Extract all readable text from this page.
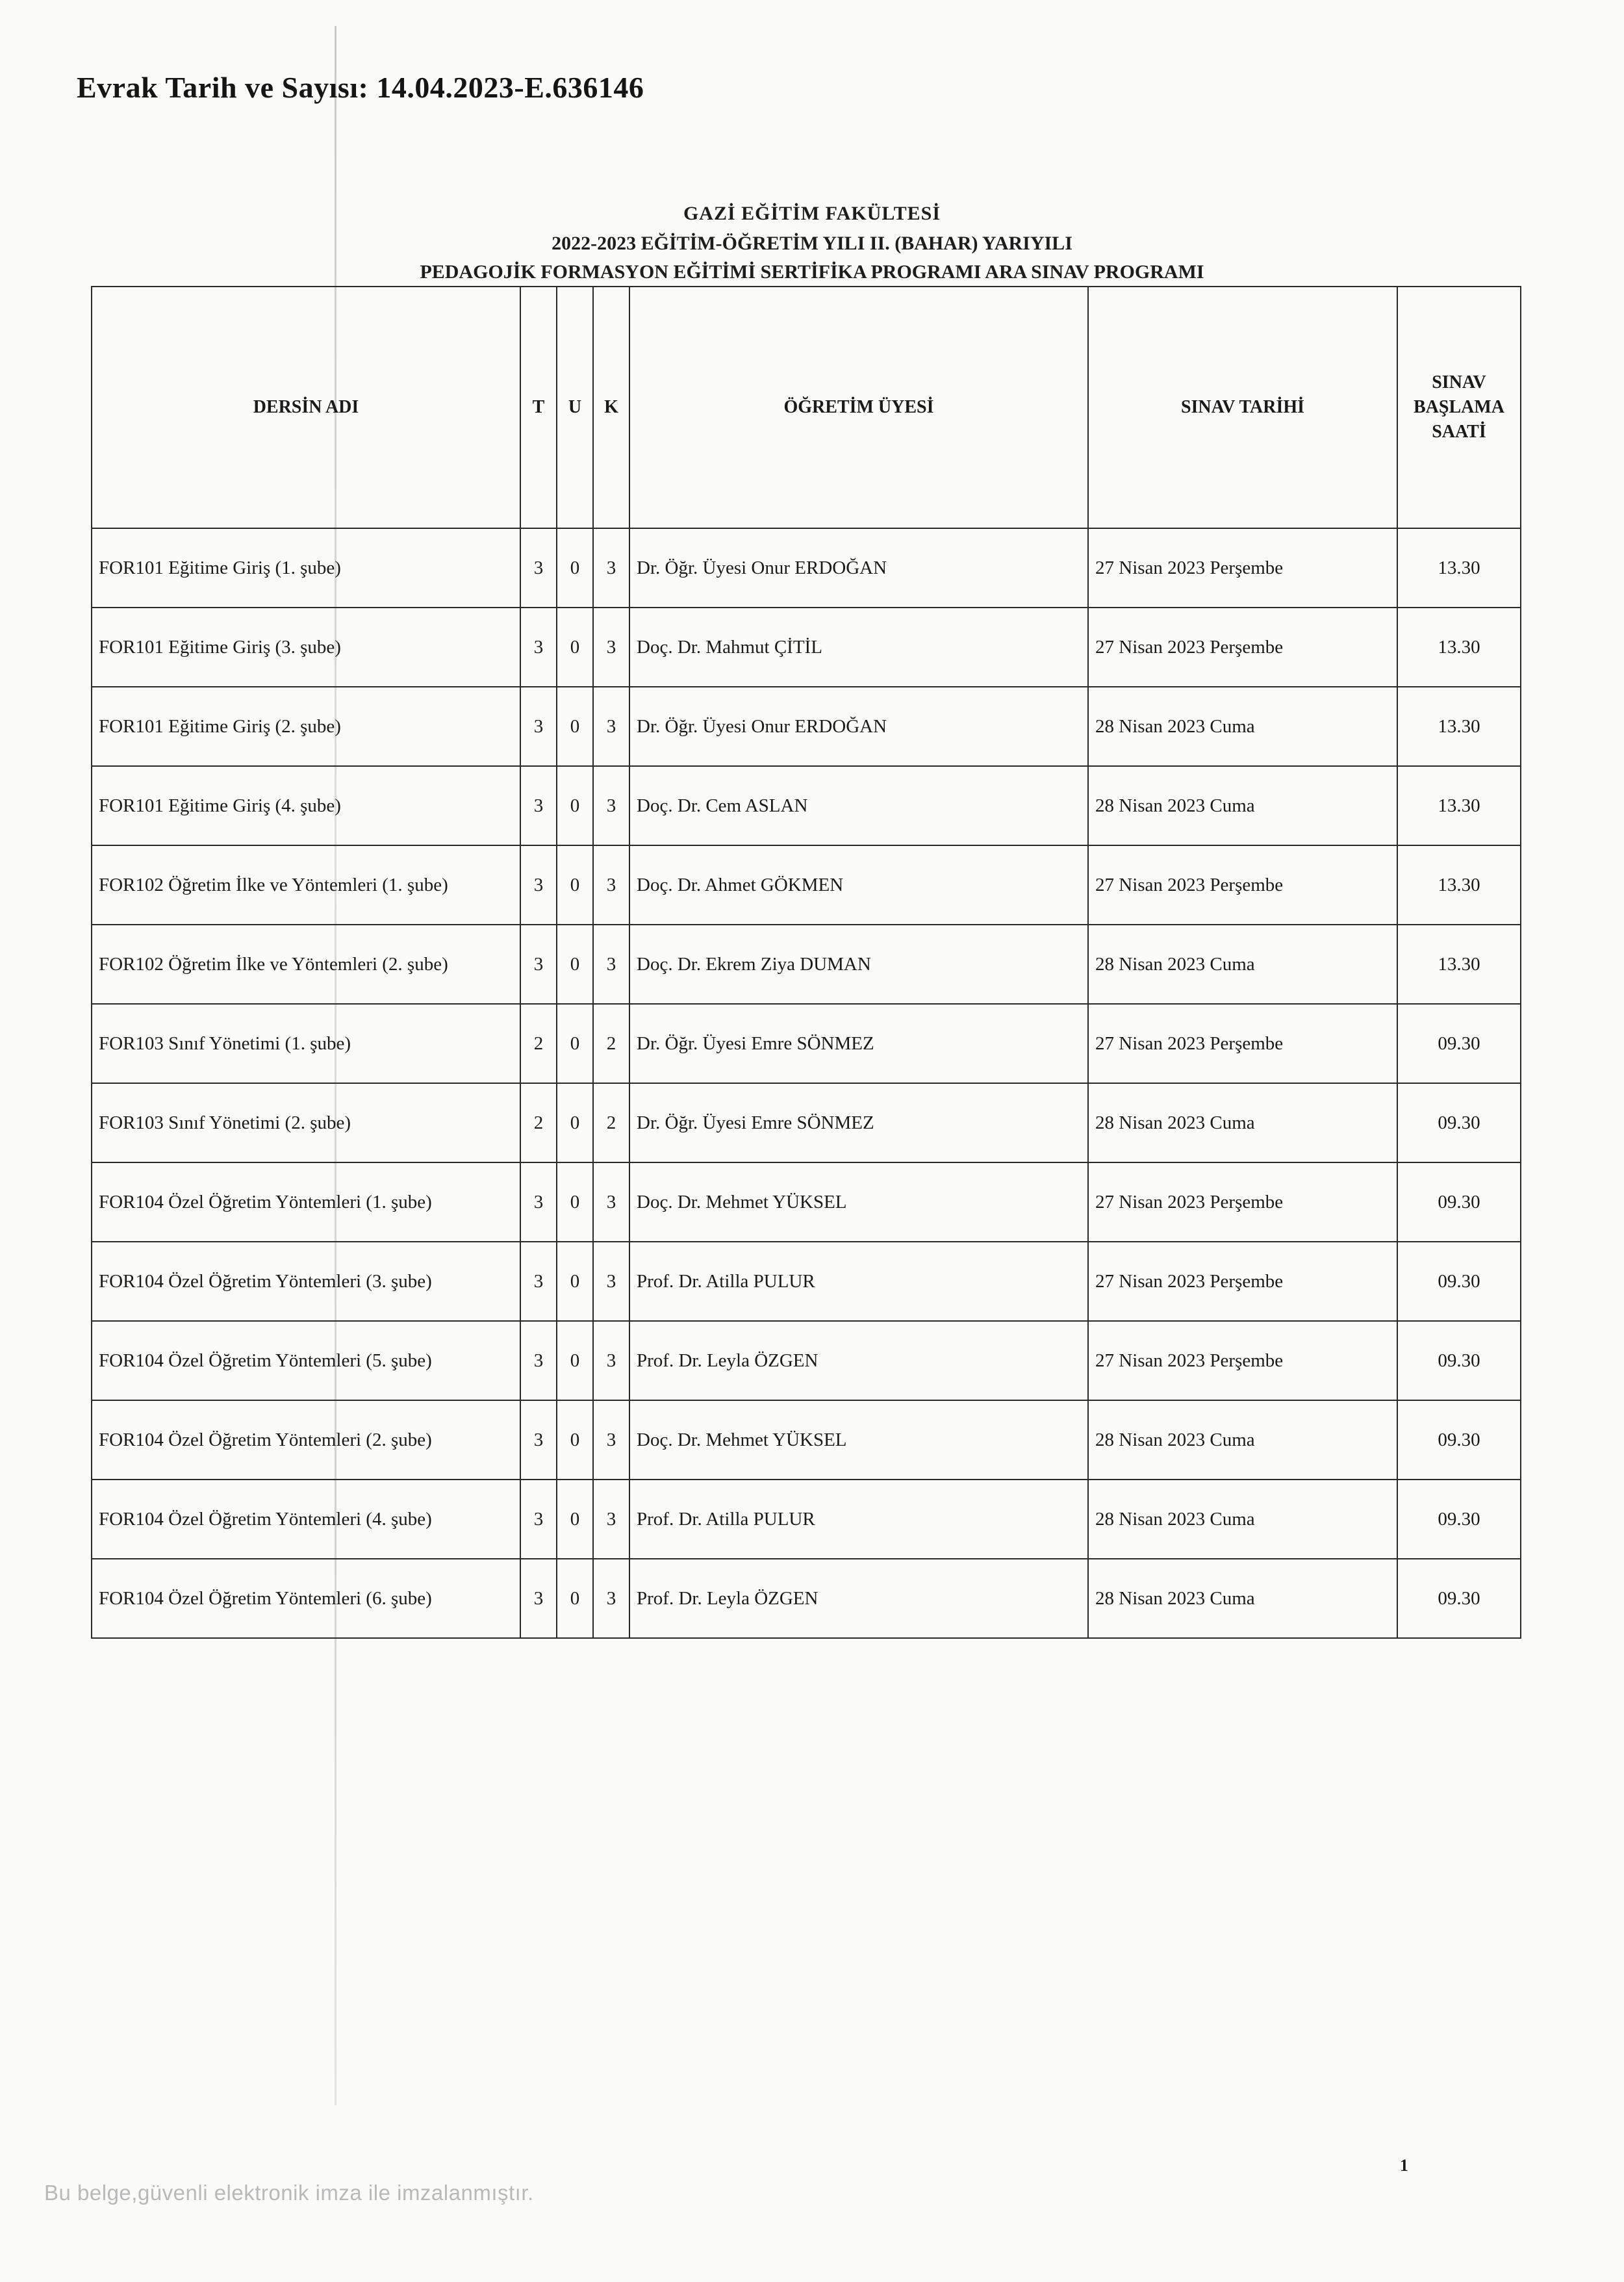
Evrak Tarih ve Sayısı: 14.04.2023-E.636146
GAZİ EĞİTİM FAKÜLTESİ
2022-2023 EĞİTİM-ÖĞRETİM YILI II. (BAHAR) YARIYILI
PEDAGOJİK FORMASYON EĞİTİMİ SERTİFİKA PROGRAMI ARA SINAV PROGRAMI
DERSİN ADI	T	U	K	ÖĞRETİM ÜYESİ	SINAV TARİHİ	SINAV
BAŞLAMA
SAATİ
FOR101 Eğitime Giriş (1. şube)	3	0	3	Dr. Öğr. Üyesi Onur ERDOĞAN	27 Nisan 2023 Perşembe	13.30
FOR101 Eğitime Giriş (3. şube)	3	0	3	Doç. Dr. Mahmut ÇİTİL	27 Nisan 2023 Perşembe	13.30
FOR101 Eğitime Giriş (2. şube)	3	0	3	Dr. Öğr. Üyesi Onur ERDOĞAN	28 Nisan 2023 Cuma	13.30
FOR101 Eğitime Giriş (4. şube)	3	0	3	Doç. Dr. Cem ASLAN	28 Nisan 2023 Cuma	13.30
FOR102 Öğretim İlke ve Yöntemleri (1. şube)	3	0	3	Doç. Dr. Ahmet GÖKMEN	27 Nisan 2023 Perşembe	13.30
FOR102 Öğretim İlke ve Yöntemleri (2. şube)	3	0	3	Doç. Dr. Ekrem Ziya DUMAN	28 Nisan 2023 Cuma	13.30
FOR103 Sınıf Yönetimi (1. şube)	2	0	2	Dr. Öğr. Üyesi Emre SÖNMEZ	27 Nisan 2023 Perşembe	09.30
FOR103 Sınıf Yönetimi (2. şube)	2	0	2	Dr. Öğr. Üyesi Emre SÖNMEZ	28 Nisan 2023 Cuma	09.30
FOR104 Özel Öğretim Yöntemleri (1. şube)	3	0	3	Doç. Dr. Mehmet YÜKSEL	27 Nisan 2023 Perşembe	09.30
FOR104 Özel Öğretim Yöntemleri (3. şube)	3	0	3	Prof. Dr. Atilla PULUR	27 Nisan 2023 Perşembe	09.30
FOR104 Özel Öğretim Yöntemleri (5. şube)	3	0	3	Prof. Dr. Leyla ÖZGEN	27 Nisan 2023 Perşembe	09.30
FOR104 Özel Öğretim Yöntemleri (2. şube)	3	0	3	Doç. Dr. Mehmet YÜKSEL	28 Nisan 2023 Cuma	09.30
FOR104 Özel Öğretim Yöntemleri (4. şube)	3	0	3	Prof. Dr. Atilla PULUR	28 Nisan 2023 Cuma	09.30
FOR104 Özel Öğretim Yöntemleri (6. şube)	3	0	3	Prof. Dr. Leyla ÖZGEN	28 Nisan 2023 Cuma	09.30
1
Bu belge,güvenli elektronik imza ile imzalanmıştır.
